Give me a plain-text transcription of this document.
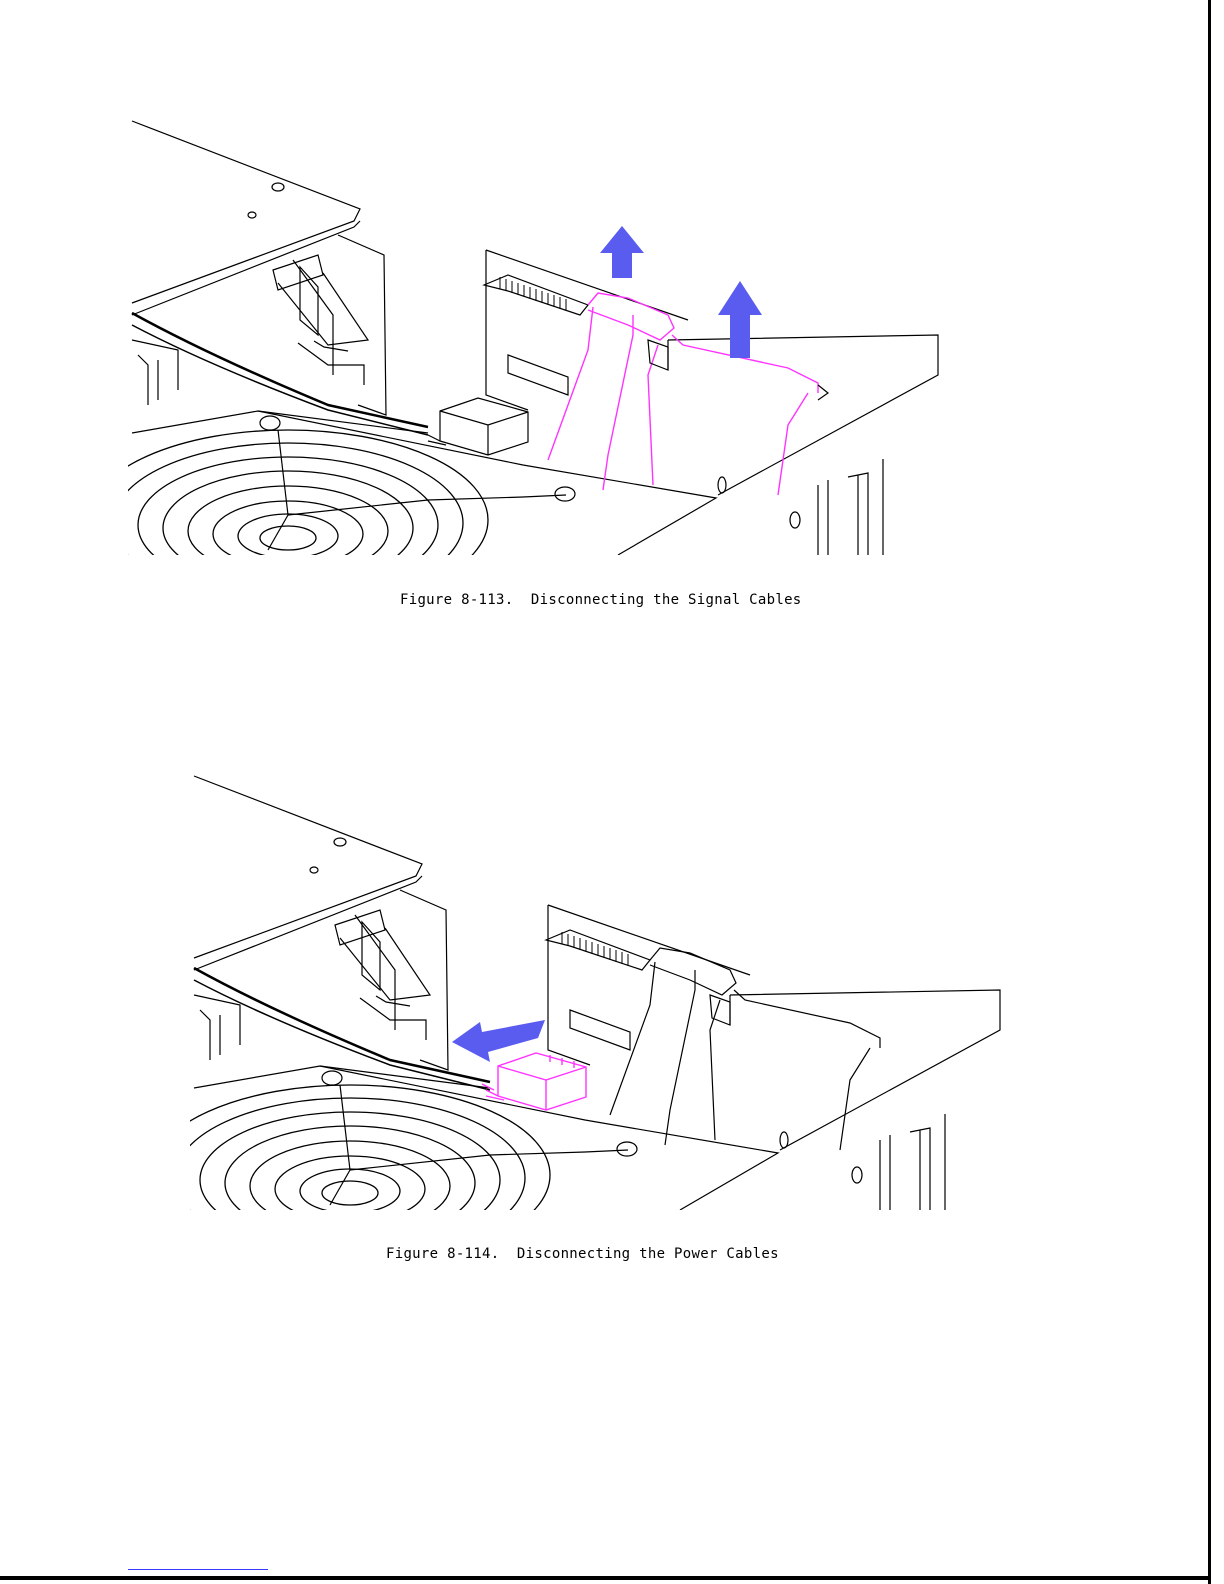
Figure 8-113.  Disconnecting the Signal Cables
Figure 8-114.  Disconnecting the Power Cables
